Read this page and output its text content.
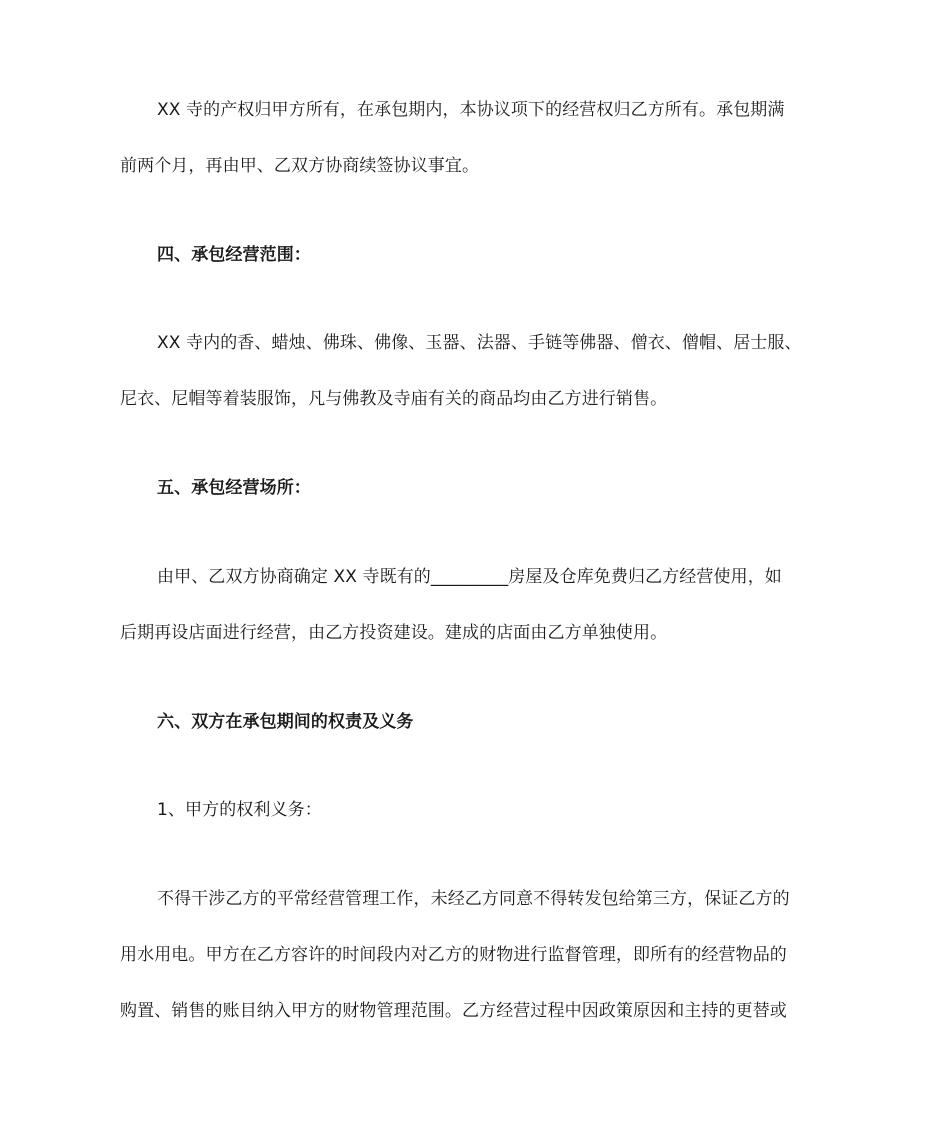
XX 寺的产权归甲方所有，在承包期内，本协议项下的经营权归乙方所有。承包期满
前两个月，再由甲、乙双方协商续签协议事宜。
四、承包经营范围：
XX 寺内的香、蜡烛、佛珠、佛像、玉器、法器、手链等佛器、僧衣、僧帽、居士服、
尼衣、尼帽等着装服饰，凡与佛教及寺庙有关的商品均由乙方进行销售。
五、承包经营场所：
由甲、乙双方协商确定 XX 寺既有的_________房屋及仓库免费归乙方经营使用，如
后期再设店面进行经营，由乙方投资建设。建成的店面由乙方单独使用。
六、双方在承包期间的权责及义务
1、甲方的权利义务：
不得干涉乙方的平常经营管理工作，未经乙方同意不得转发包给第三方，保证乙方的
用水用电。甲方在乙方容许的时间段内对乙方的财物进行监督管理，即所有的经营物品的
购置、销售的账目纳入甲方的财物管理范围。乙方经营过程中因政策原因和主持的更替或
